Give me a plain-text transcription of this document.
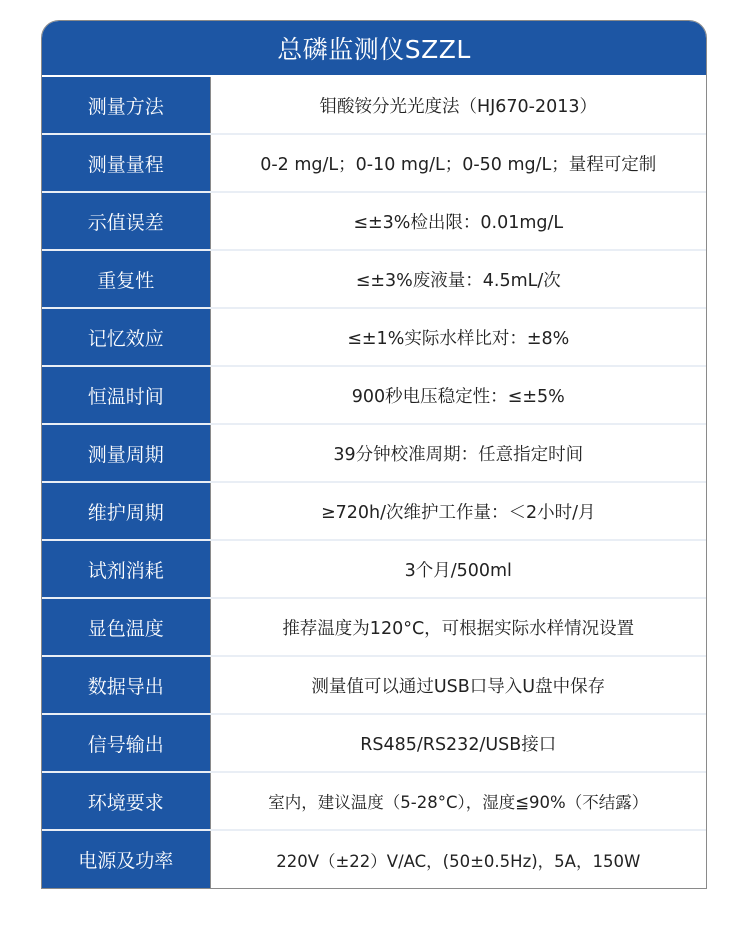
总磷监测仪SZZL
测量方法	钼酸铵分光光度法（HJ670-2013）
测量量程	0-2 mg/L；0-10 mg/L；0-50 mg/L；量程可定制
示值误差	≤±3%检出限：0.01mg/L
重复性	≤±3%废液量：4.5mL/次
记忆效应	≤±1%实际水样比对：±8%
恒温时间	900秒电压稳定性：≤±5%
测量周期	39分钟校准周期：任意指定时间
维护周期	≥720h/次维护工作量：＜2小时/月
试剂消耗	3个月/500ml
显色温度	推荐温度为120°C，可根据实际水样情况设置
数据导出	测量值可以通过USB口导入U盘中保存
信号输出	RS485/RS232/USB接口
环境要求	室内，建议温度（5-28°C），湿度≦90%（不结露）
电源及功率	220V（±22）V/AC，(50±0.5Hz)，5A，150W
